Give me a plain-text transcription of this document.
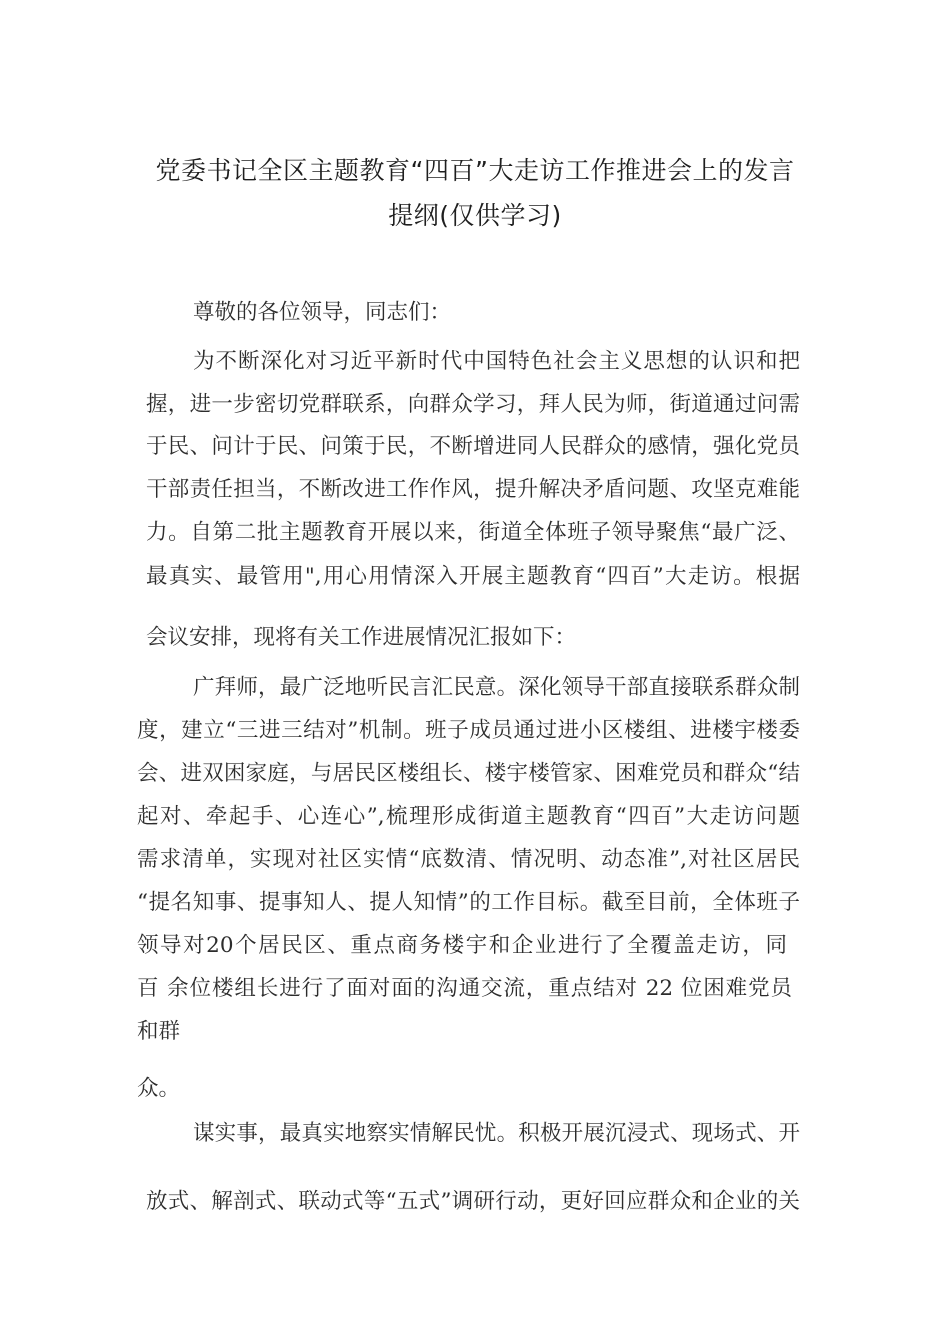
党委书记全区主题教育“四百”大走访工作推进会上的发言
提纲(仅供学习)
尊敬的各位领导，同志们：
为不断深化对习近平新时代中国特色社会主义思想的认识和把
握，进一步密切党群联系，向群众学习，拜人民为师，街道通过问需
于民、问计于民、问策于民，不断增进同人民群众的感情，强化党员
干部责任担当，不断改进工作作风，提升解决矛盾问题、攻坚克难能
力。自第二批主题教育开展以来，街道全体班子领导聚焦“最广泛、
最真实、最管用",用心用情深入开展主题教育“四百”大走访。根据
会议安排，现将有关工作进展情况汇报如下：
广拜师，最广泛地听民言汇民意。深化领导干部直接联系群众制
度，建立“三进三结对”机制。班子成员通过进小区楼组、进楼宇楼委
会、进双困家庭，与居民区楼组长、楼宇楼管家、困难党员和群众“结
起对、牵起手、心连心”,梳理形成街道主题教育“四百”大走访问题
需求清单，实现对社区实情“底数清、情况明、动态准”,对社区居民
“提名知事、提事知人、提人知情”的工作目标。截至目前，全体班子
领导对20个居民区、重点商务楼宇和企业进行了全覆盖走访，同
百 余位楼组长进行了面对面的沟通交流，重点结对 22 位困难党员
和群
众。
谋实事，最真实地察实情解民忧。积极开展沉浸式、现场式、开
放式、解剖式、联动式等“五式”调研行动，更好回应群众和企业的关
